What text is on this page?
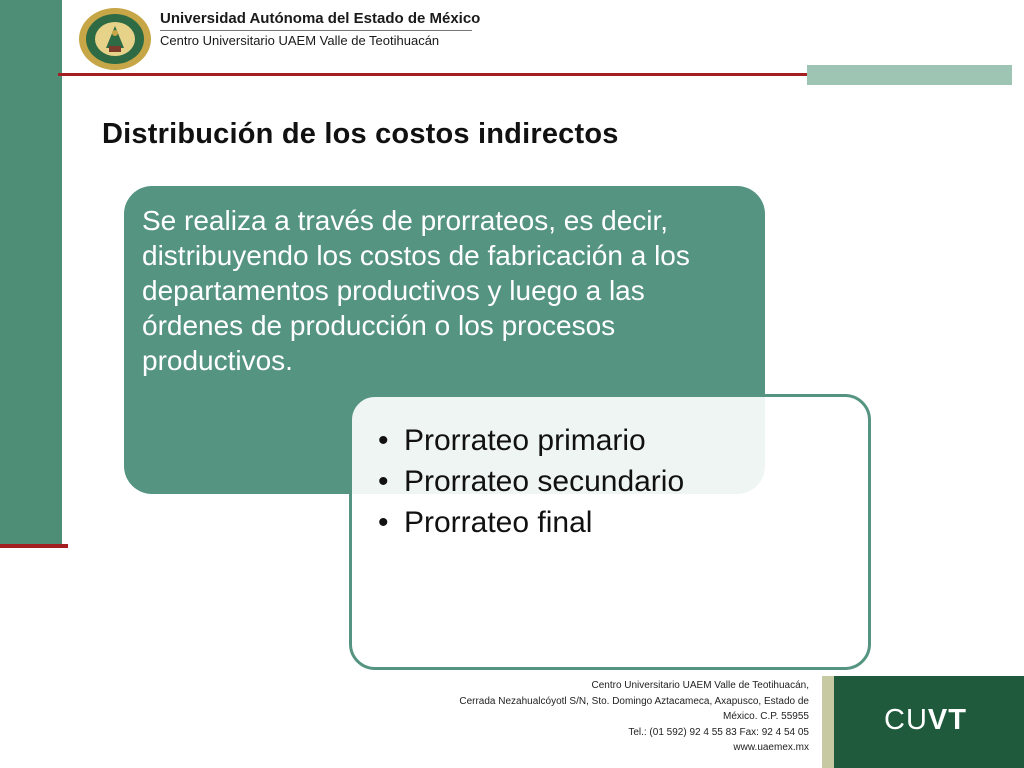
Universidad Autónoma del Estado de México
Centro Universitario UAEM Valle de Teotihuacán
Distribución de los costos indirectos
Se realiza a través de prorrateos, es decir, distribuyendo los costos de fabricación a los departamentos productivos y luego a las órdenes de producción o los procesos productivos.
• Prorrateo primario
• Prorrateo secundario
• Prorrateo final
Centro Universitario UAEM Valle de Teotihuacán,
Cerrada Nezahualcóyotl S/N, Sto. Domingo Aztacameca, Axapusco, Estado de
México. C.P. 55955
Tel.: (01 592) 92 4 55 83 Fax: 92 4 54 05
www.uaemex.mx
CUVT
